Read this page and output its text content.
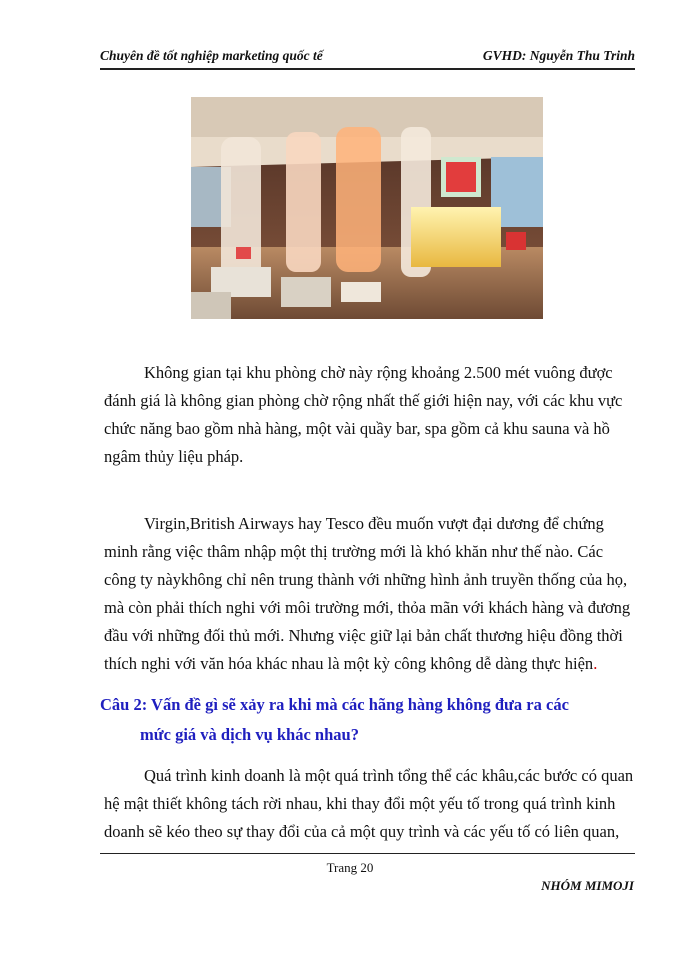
Chuyên đề tốt nghiệp marketing quốc tế	GVHD: Nguyễn Thu Trinh
Không gian tại khu phòng chờ này rộng khoảng 2.500 mét vuông được
đánh giá là không gian phòng chờ rộng nhất thế giới hiện nay, với các khu vực
chức năng bao gồm nhà hàng, một vài quầy bar, spa gồm cả khu sauna và hồ
ngâm thủy liệu pháp.
Virgin,British Airways hay Tesco đều muốn vượt đại dương để chứng
minh rằng việc thâm nhập một thị trường mới là khó khăn như thế nào. Các
công ty nàykhông chỉ nên trung thành với những hình ảnh truyền thống của họ,
mà còn phải thích nghi với môi trường mới, thỏa mãn với khách hàng và đương
đầu với những đối thủ mới. Nhưng việc giữ lại bản chất thương hiệu đồng thời
thích nghi với văn hóa khác nhau là một kỳ công không dễ dàng thực hiện.
Câu 2: Vấn đề gì sẽ xảy ra khi mà các hãng hàng không đưa ra các
mức giá và dịch vụ khác nhau?
Quá trình kinh doanh là một quá trình tổng thể các khâu,các bước có quan
hệ mật thiết không tách rời nhau, khi thay đổi một yếu tố trong quá trình kinh
doanh sẽ kéo theo sự thay đổi của cả một quy trình và các yếu tố có liên quan,
Trang 20
NHÓM MIMOJI
